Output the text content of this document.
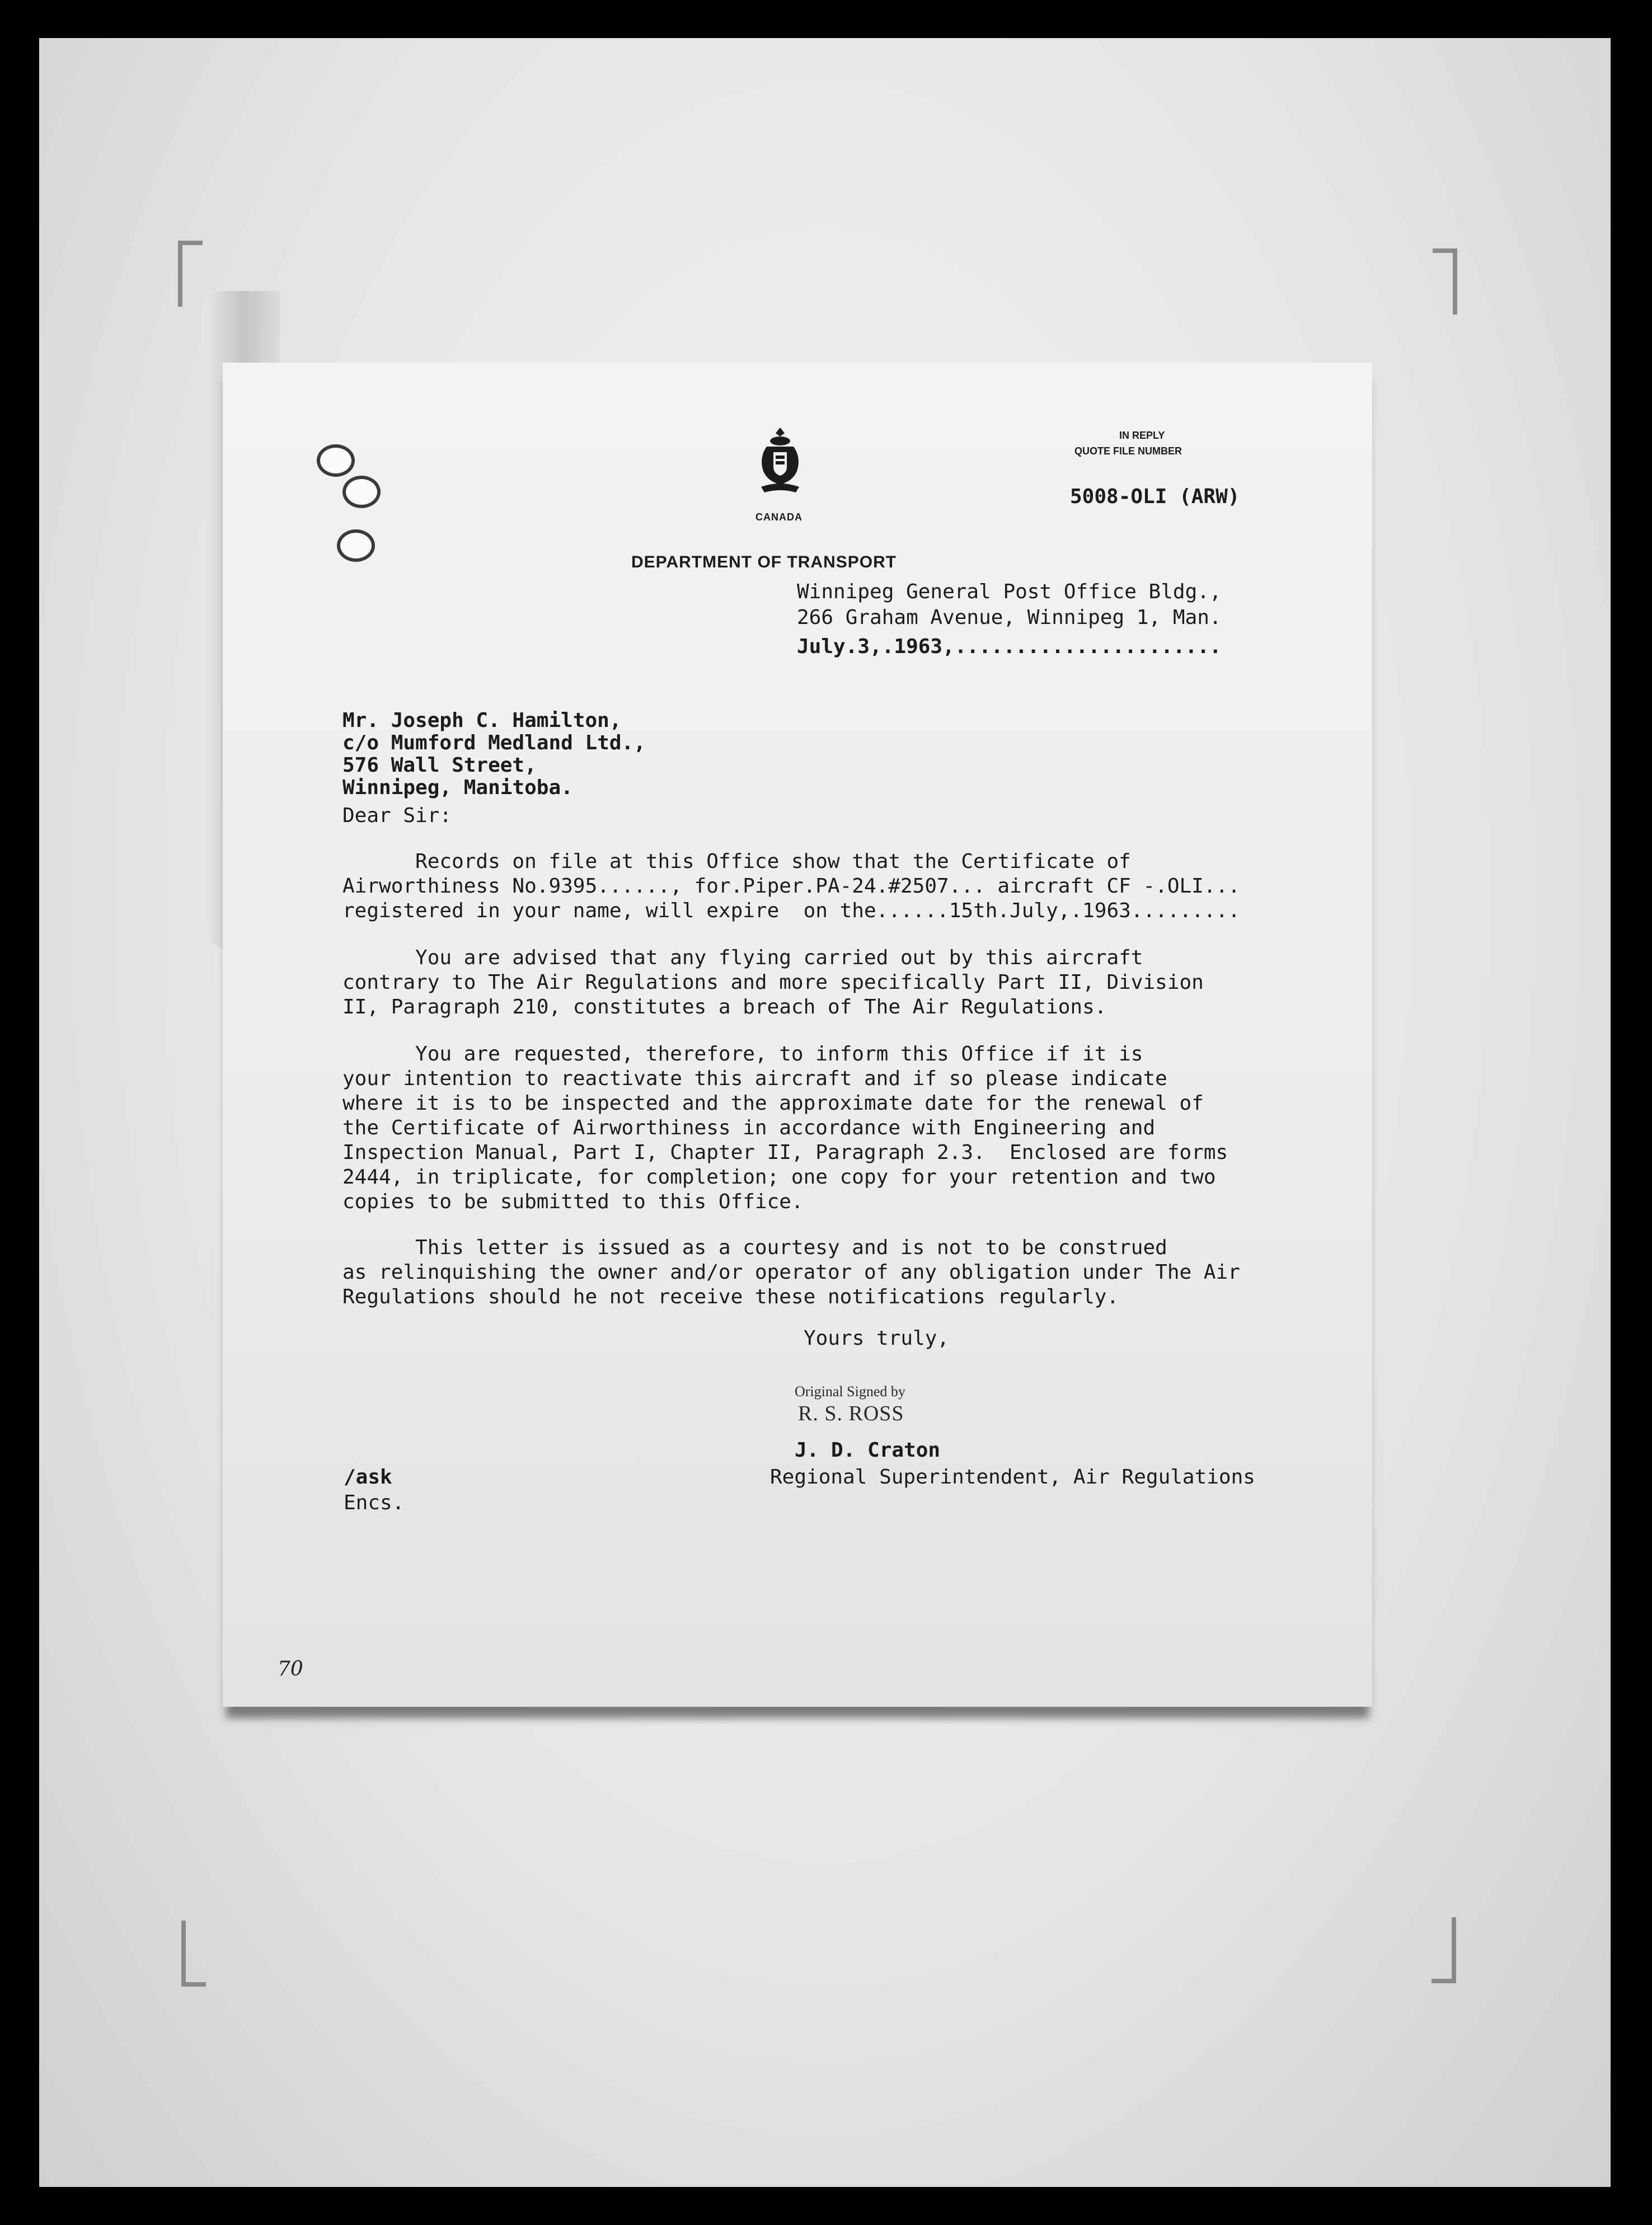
CANADA
IN REPLY
QUOTE FILE NUMBER
5008-OLI (ARW)
DEPARTMENT OF TRANSPORT
Winnipeg General Post Office Bldg.,
266 Graham Avenue, Winnipeg 1, Man.
July.3,.1963,......................
Mr. Joseph C. Hamilton,
c/o Mumford Medland Ltd.,
576 Wall Street,
Winnipeg, Manitoba.
Dear Sir:
Records on file at this Office show that the Certificate of
Airworthiness No.9395......, for.Piper.PA-24.#2507... aircraft CF -.OLI...
registered in your name, will expire  on the......15th.July,.1963.........
You are advised that any flying carried out by this aircraft
contrary to The Air Regulations and more specifically Part II, Division
II, Paragraph 210, constitutes a breach of The Air Regulations.
You are requested, therefore, to inform this Office if it is
your intention to reactivate this aircraft and if so please indicate
where it is to be inspected and the approximate date for the renewal of
the Certificate of Airworthiness in accordance with Engineering and
Inspection Manual, Part I, Chapter II, Paragraph 2.3.  Enclosed are forms
2444, in triplicate, for completion; one copy for your retention and two
copies to be submitted to this Office.
This letter is issued as a courtesy and is not to be construed
as relinquishing the owner and/or operator of any obligation under The Air
Regulations should he not receive these notifications regularly.
Yours truly,
Original Signed by
R. S. ROSS
J. D. Craton
Regional Superintendent, Air Regulations
/ask
Encs.
70
